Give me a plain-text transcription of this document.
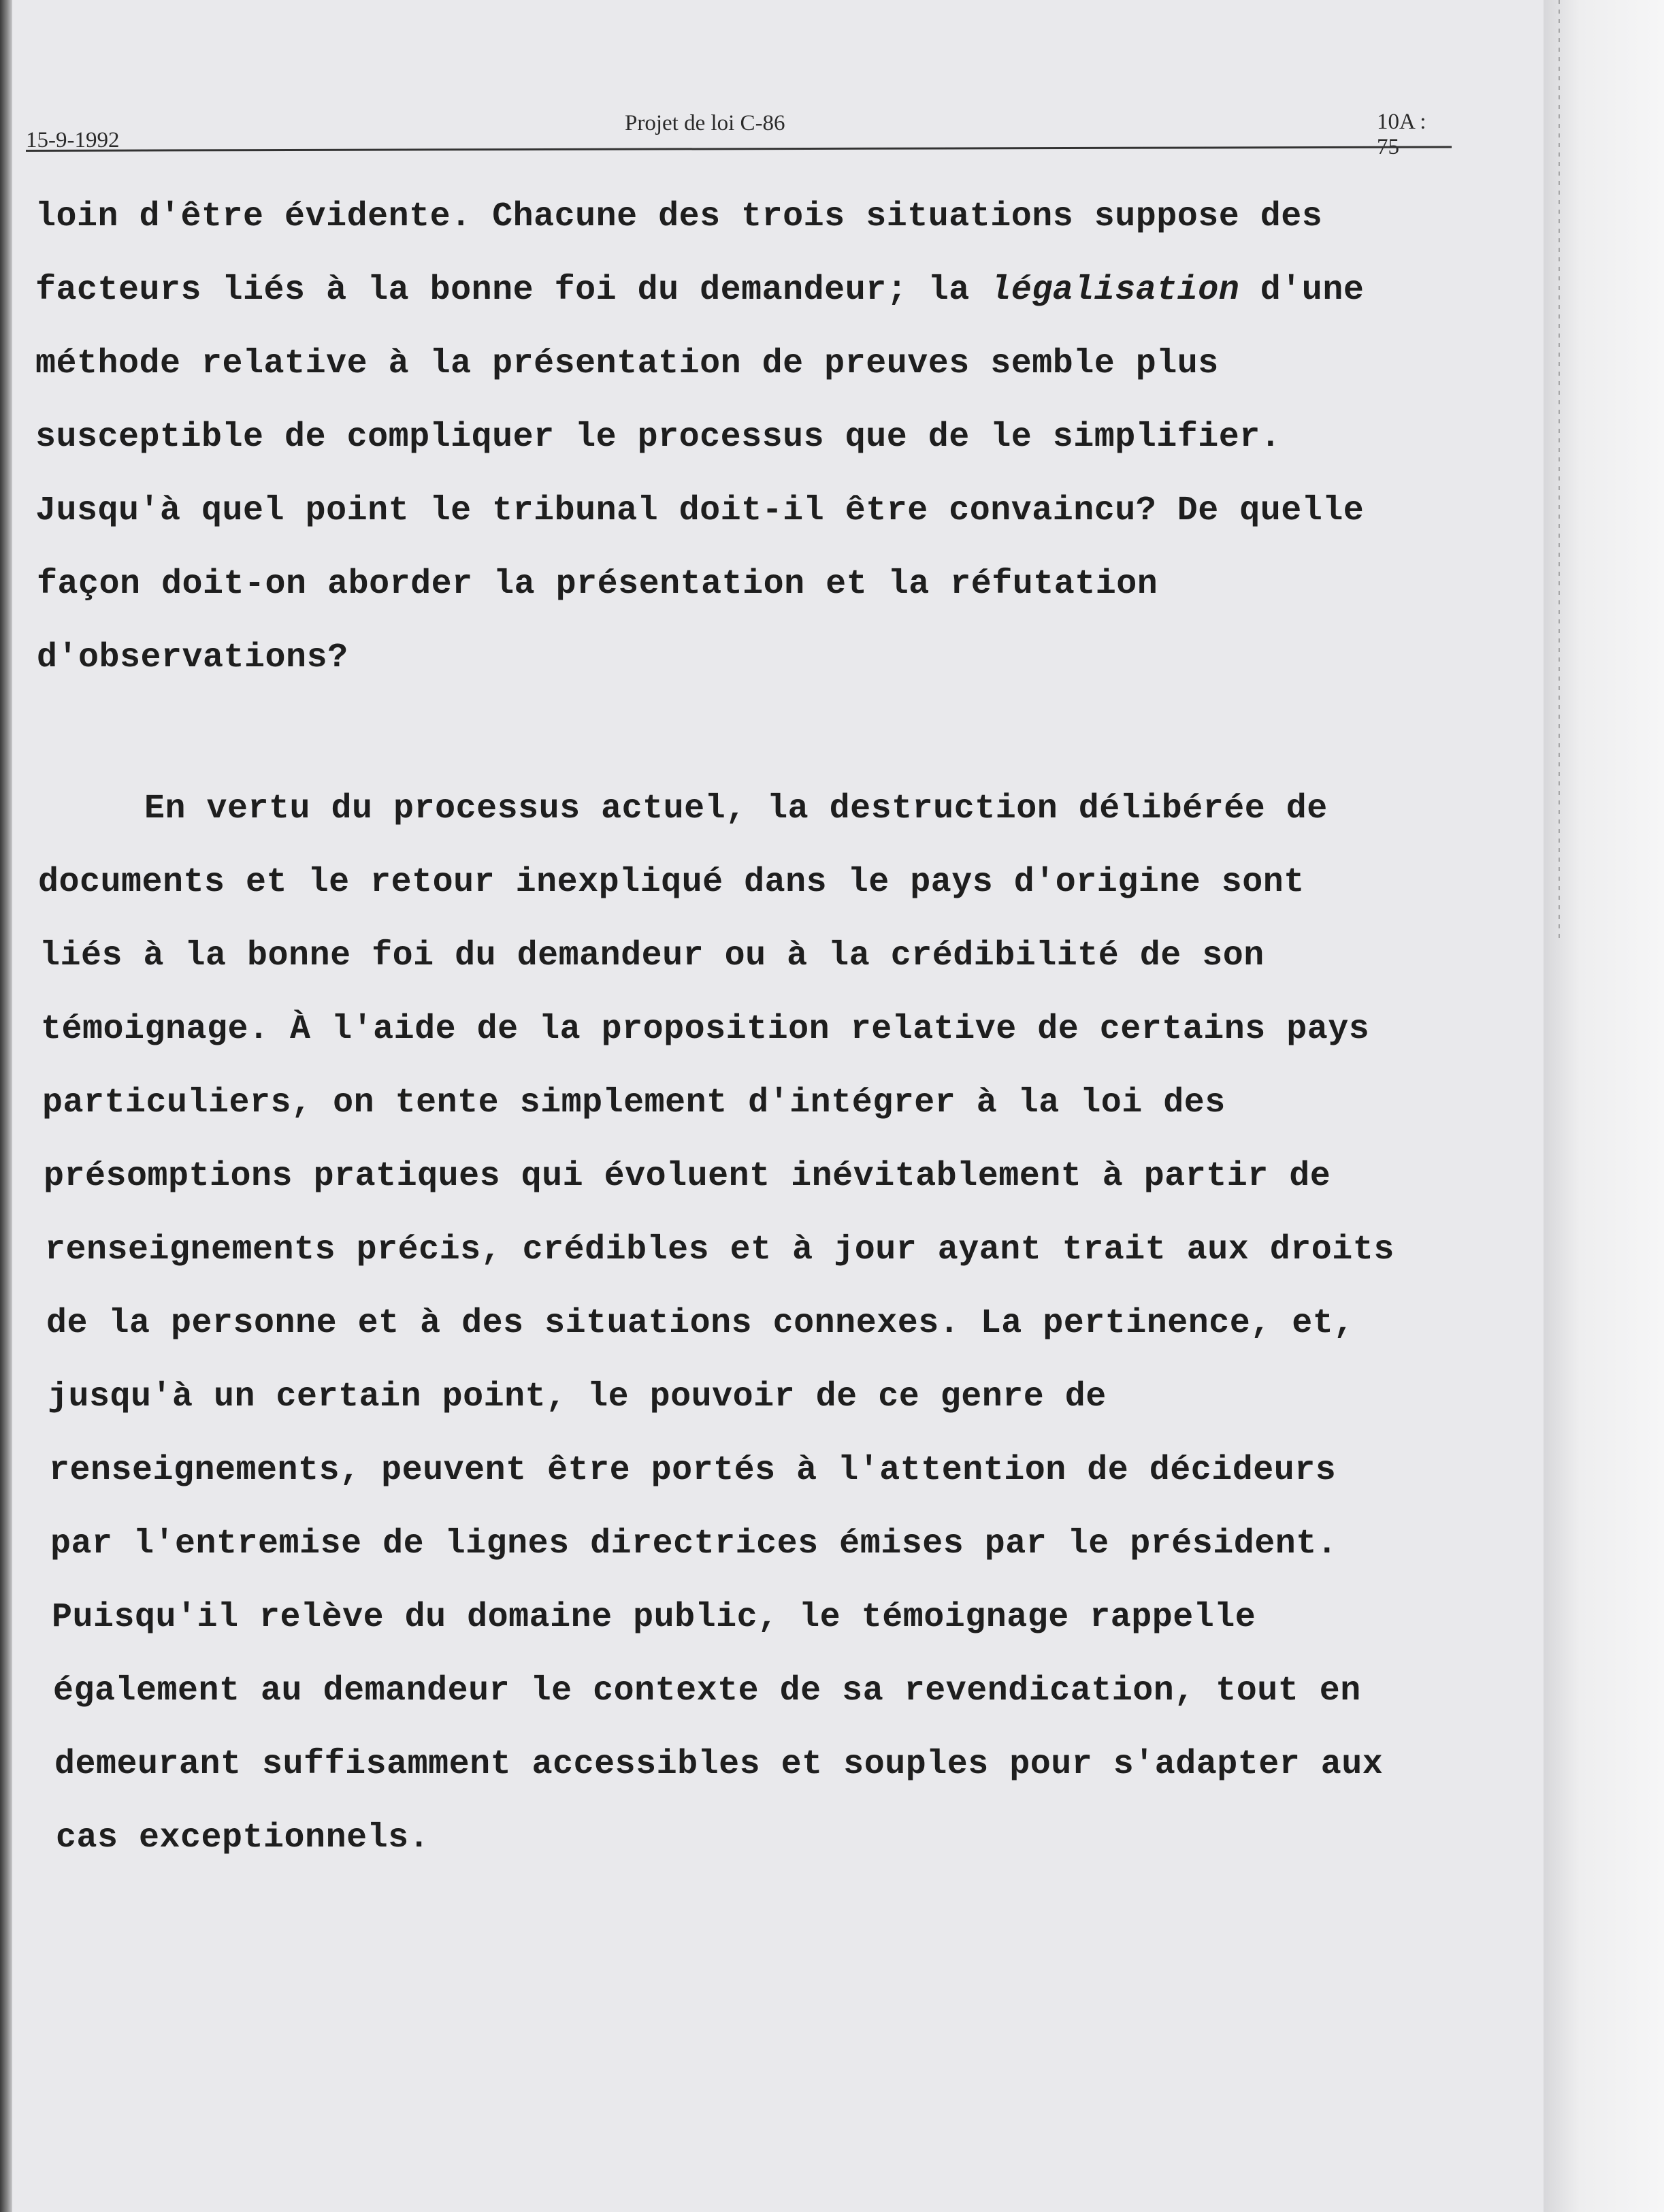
15-9-1992
Projet de loi C-86	10A : 75
loin d'être évidente. Chacune des trois situations suppose des
facteurs liés à la bonne foi du demandeur; la légalisation d'une
méthode relative à la présentation de preuves semble plus
susceptible de compliquer le processus que de le simplifier.
Jusqu'à quel point le tribunal doit-il être convaincu? De quelle
façon doit-on aborder la présentation et la réfutation
d'observations?
En vertu du processus actuel, la destruction délibérée de
documents et le retour inexpliqué dans le pays d'origine sont
liés à la bonne foi du demandeur ou à la crédibilité de son
témoignage. À l'aide de la proposition relative de certains pays
particuliers, on tente simplement d'intégrer à la loi des
présomptions pratiques qui évoluent inévitablement à partir de
renseignements précis, crédibles et à jour ayant trait aux droits
de la personne et à des situations connexes. La pertinence, et,
jusqu'à un certain point, le pouvoir de ce genre de
renseignements, peuvent être portés à l'attention de décideurs
par l'entremise de lignes directrices émises par le président.
Puisqu'il relève du domaine public, le témoignage rappelle
également au demandeur le contexte de sa revendication, tout en
demeurant suffisamment accessibles et souples pour s'adapter aux
cas exceptionnels.
